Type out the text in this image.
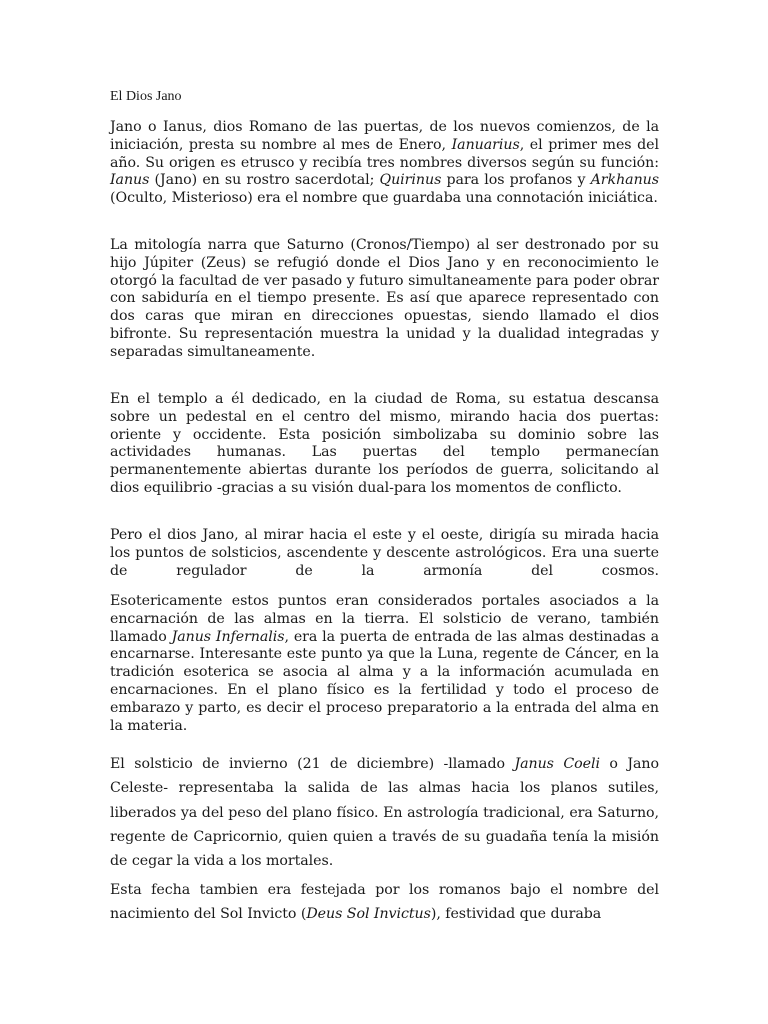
El Dios Jano

Jano o Ianus, dios Romano de las puertas, de los nuevos comienzos, de la iniciación, presta su nombre al mes de Enero, Ianuarius, el primer mes del año. Su origen es etrusco y recibía tres nombres diversos según su función: Ianus (Jano) en su rostro sacerdotal; Quirinus para los profanos y Arkhanus (Oculto, Misterioso) era el nombre que guardaba una connotación iniciática.

La mitología narra que Saturno (Cronos/Tiempo) al ser destronado por su hijo Júpiter (Zeus) se refugió donde el Dios Jano y en reconocimiento le otorgó la facultad de ver pasado y futuro simultaneamente para poder obrar con sabiduría en el tiempo presente. Es así que aparece representado con dos caras que miran en direcciones opuestas, siendo llamado el dios bifronte. Su representación muestra la unidad y la dualidad integradas y separadas simultaneamente.

En el templo a él dedicado, en la ciudad de Roma, su estatua descansa sobre un pedestal en el centro del mismo, mirando hacia dos puertas: oriente y occidente. Esta posición simbolizaba su dominio sobre las actividades humanas. Las puertas del templo permanecían permanentemente abiertas durante los períodos de guerra, solicitando al dios equilibrio -gracias a su visión dual-para los momentos de conflicto.

Pero el dios Jano, al mirar hacia el este y el oeste, dirigía su mirada hacia los puntos de solsticios, ascendente y descente astrológicos. Era una suerte de regulador de la armonía del cosmos.

Esotericamente estos puntos eran considerados portales asociados a la encarnación de las almas en la tierra. El solsticio de verano, también llamado Janus Infernalis, era la puerta de entrada de las almas destinadas a encarnarse. Interesante este punto ya que la Luna, regente de Cáncer, en la tradición esoterica se asocia al alma y a la información acumulada en encarnaciones. En el plano físico es la fertilidad y todo el proceso de embarazo y parto, es decir el proceso preparatorio a la entrada del alma en la materia.

El solsticio de invierno (21 de diciembre) -llamado Janus Coeli o Jano Celeste- representaba la salida de las almas hacia los planos sutiles, liberados ya del peso del plano físico. En astrología tradicional, era Saturno, regente de Capricornio, quien quien a través de su guadaña tenía la misión de cegar la vida a los mortales.

Esta fecha tambien era festejada por los romanos bajo el nombre del nacimiento del Sol Invicto (Deus Sol Invictus), festividad que duraba
